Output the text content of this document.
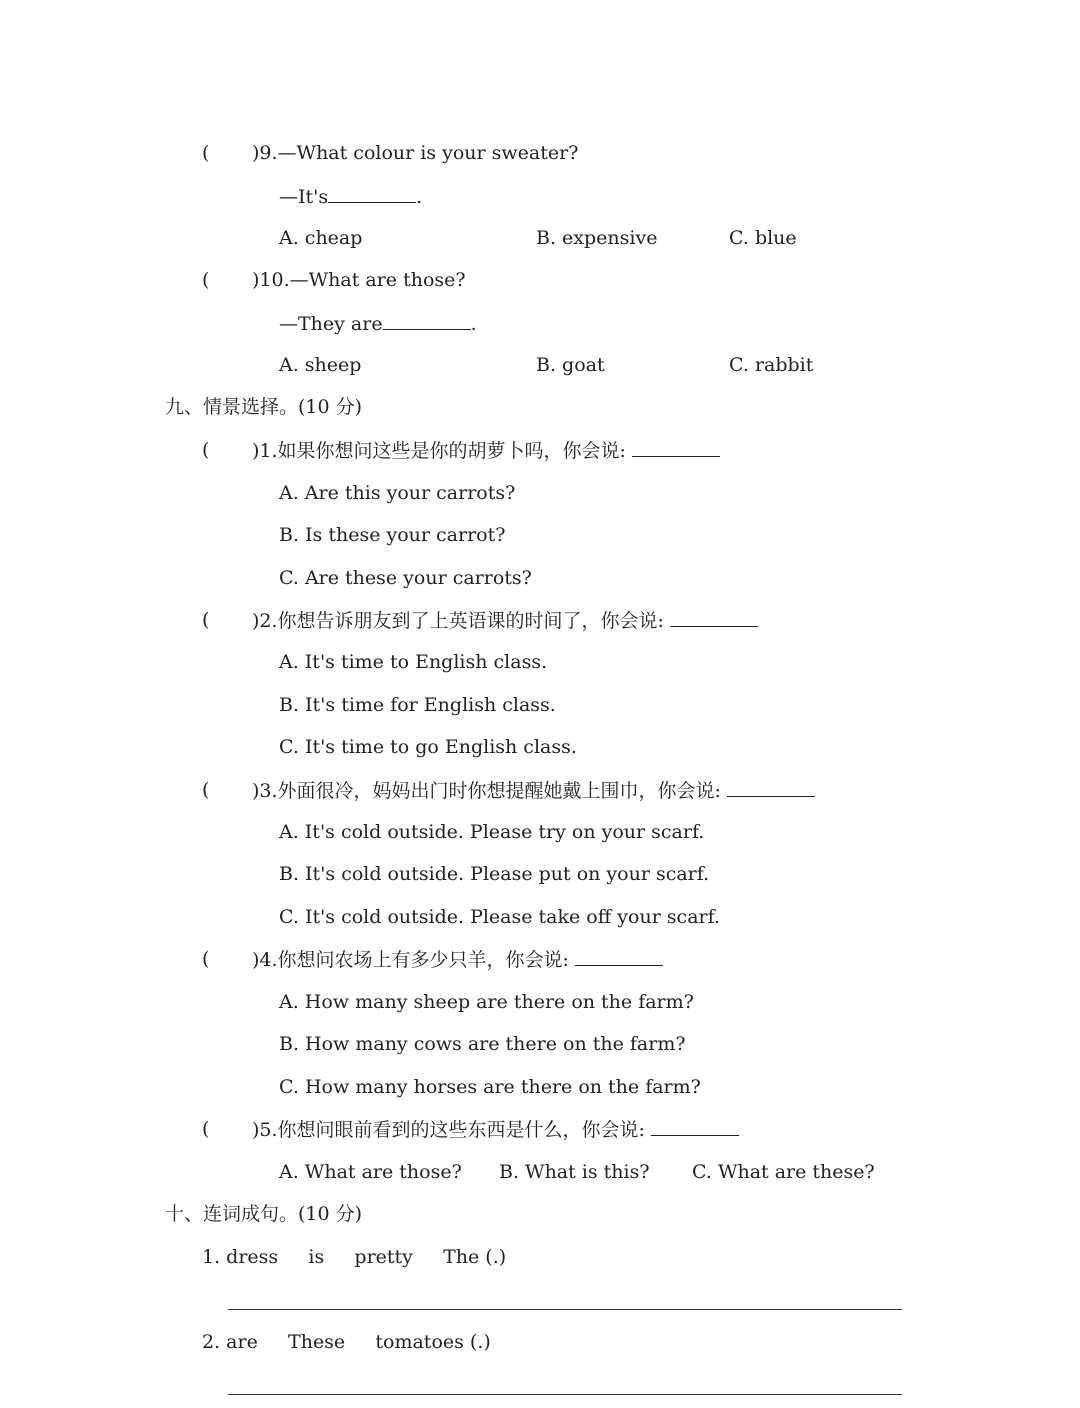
( )9.—What colour is your sweater?
—It's	.
A. cheap	B. expensive	C. blue
( )10.—What are those?
—They are	.
A. sheep	B. goat	C. rabbit
九、情景选择。(10 分)
( )1.如果你想问这些是你的胡萝卜吗，你会说:
A. Are this your carrots?
B. Is these your carrot?
C. Are these your carrots?
( )2.你想告诉朋友到了上英语课的时间了，你会说:
A. It's time to English class.
B. It's time for English class.
C. It's time to go English class.
( )3.外面很冷，妈妈出门时你想提醒她戴上围巾，你会说:
A. It's cold outside. Please try on your scarf.
B. It's cold outside. Please put on your scarf.
C. It's cold outside. Please take off your scarf.
( )4.你想问农场上有多少只羊，你会说:
A. How many sheep are there on the farm?
B. How many cows are there on the farm?
C. How many horses are there on the farm?
( )5.你想问眼前看到的这些东西是什么，你会说:
A. What are those? B. What is this? C. What are these?
十、连词成句。(10 分)
1. dress is pretty The (.)
2. are These tomatoes (.)
